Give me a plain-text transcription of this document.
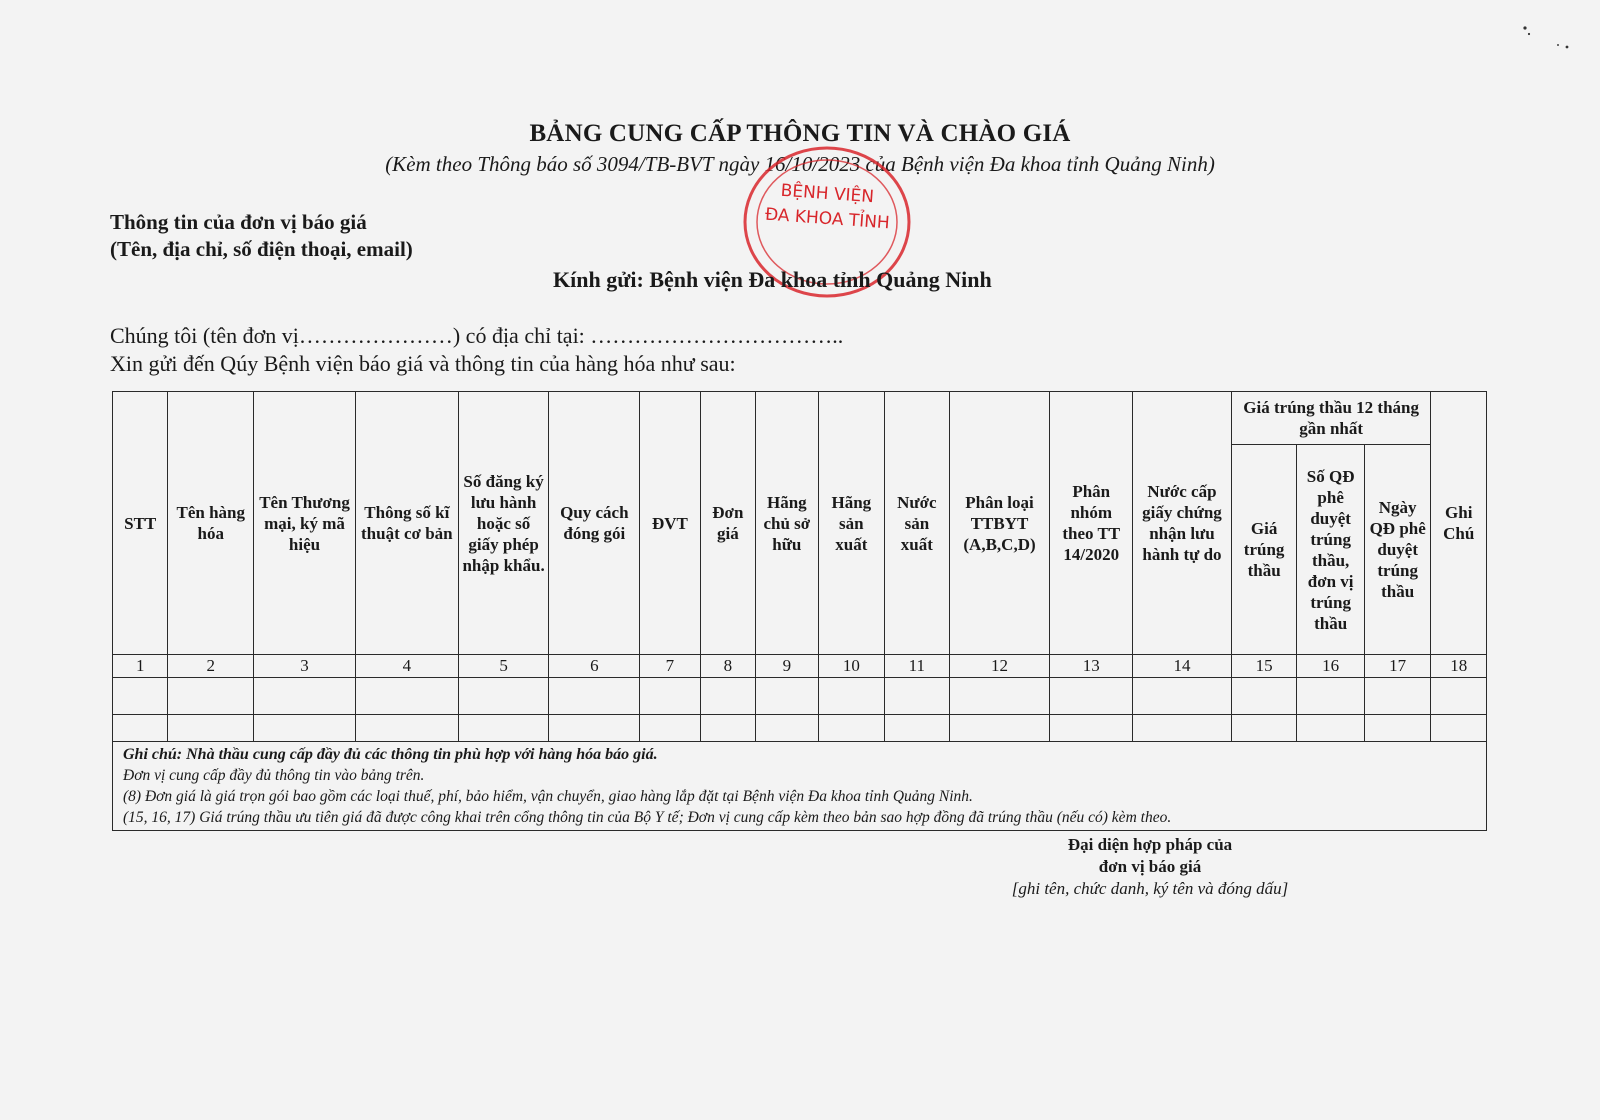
BẢNG CUNG CẤP THÔNG TIN VÀ CHÀO GIÁ
(Kèm theo Thông báo số 3094/TB-BVT ngày 16/10/2023 của Bệnh viện Đa khoa tỉnh Quảng Ninh)
BỆNH VIỆN
ĐA KHOA TỈNH
Thông tin của đơn vị báo giá
(Tên, địa chỉ, số điện thoại, email)
Kính gửi: Bệnh viện Đa khoa tỉnh Quảng Ninh
Chúng tôi (tên đơn vị…………………) có địa chỉ tại: ……………………………..
Xin gửi đến Qúy Bệnh viện báo giá và thông tin của hàng hóa như sau:
STT	Tên hàng hóa	Tên Thương mại, ký mã hiệu	Thông số kĩ thuật cơ bản	Số đăng ký lưu hành hoặc số giấy phép nhập khẩu.	Quy cách đóng gói	ĐVT	Đơn giá	Hãng chủ sở hữu	Hãng sản xuất	Nước sản xuất	Phân loại TTBYT (A,B,C,D)	Phân nhóm theo TT 14/2020	Nước cấp giấy chứng nhận lưu hành tự do	Giá trúng thầu 12 tháng gần nhất			Ghi Chú
														Giá trúng thầu	Số QĐ phê duyệt trúng thầu, đơn vị trúng thầu	Ngày QĐ phê duyệt trúng thầu	
1	2	3	4	5	6	7	8	9	10	11	12	13	14	15	16	17	18

Ghi chú: Nhà thầu cung cấp đầy đủ các thông tin phù hợp với hàng hóa báo giá.
Đơn vị cung cấp đầy đủ thông tin vào bảng trên.
(8) Đơn giá là giá trọn gói bao gồm các loại thuế, phí, bảo hiểm, vận chuyển, giao hàng lắp đặt tại Bệnh viện Đa khoa tỉnh Quảng Ninh.
(15, 16, 17) Giá trúng thầu ưu tiên giá đã được công khai trên cổng thông tin của Bộ Y tế; Đơn vị cung cấp kèm theo bản sao hợp đồng đã trúng thầu (nếu có) kèm theo.																	
Đại diện hợp pháp của
đơn vị báo giá
[ghi tên, chức danh, ký tên và đóng dấu]
